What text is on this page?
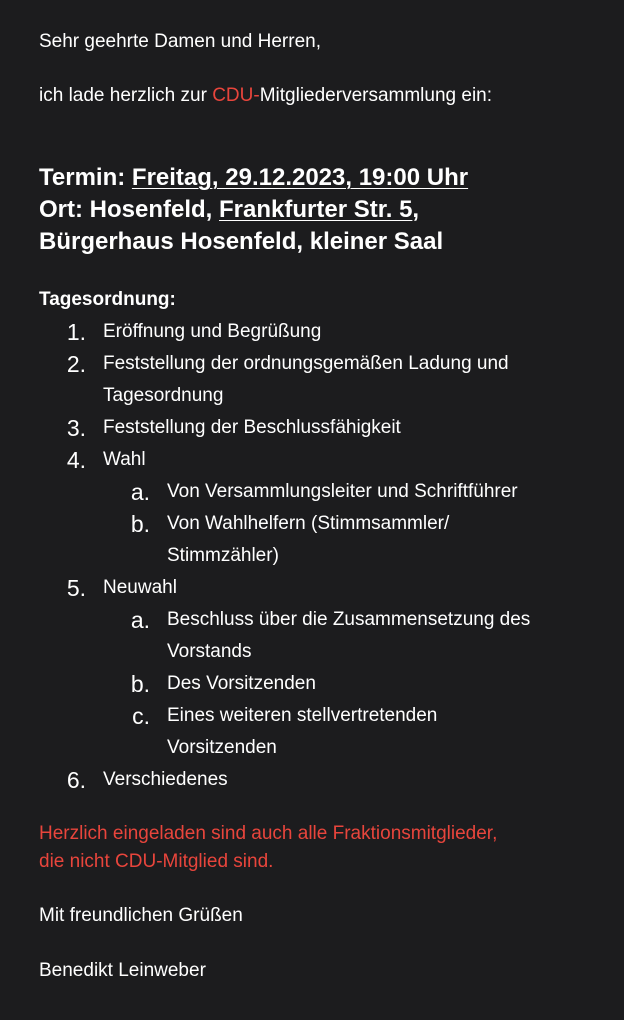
Sehr geehrte Damen und Herren,
ich lade herzlich zur CDU-Mitgliederversammlung ein:
Termin: Freitag, 29.12.2023, 19:00 Uhr
Ort: Hosenfeld, Frankfurter Str. 5,
Bürgerhaus Hosenfeld, kleiner Saal
Tagesordnung:
1. Eröffnung und Begrüßung
2. Feststellung der ordnungsgemäßen Ladung und
Tagesordnung
3. Feststellung der Beschlussfähigkeit
4. Wahl
a. Von Versammlungsleiter und Schriftführer
b. Von Wahlhelfern (Stimmsammler/
Stimmzähler)
5. Neuwahl
a. Beschluss über die Zusammensetzung des
Vorstands
b. Des Vorsitzenden
c. Eines weiteren stellvertretenden
Vorsitzenden
6. Verschiedenes
Herzlich eingeladen sind auch alle Fraktionsmitglieder,
die nicht CDU-Mitglied sind.
Mit freundlichen Grüßen
Benedikt Leinweber
